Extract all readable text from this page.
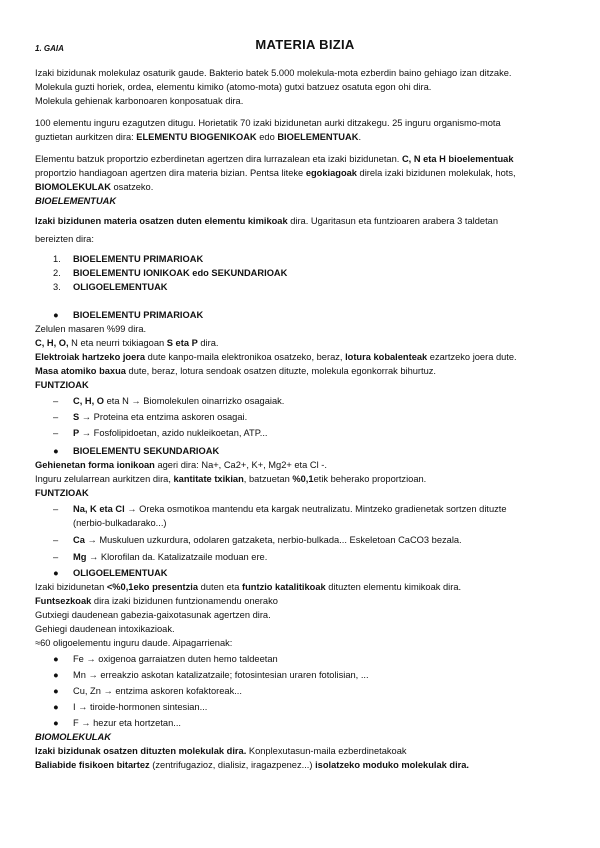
1. GAIA	MATERIA BIZIA

Izaki bizidunak molekulaz osaturik gaude. Bakterio batek 5.000 molekula-mota ezberdin baino gehiago izan ditzake.

Molekula guzti horiek, ordea, elementu kimiko (atomo-mota) gutxi batzuez osatuta egon ohi dira.

Molekula gehienak karbonoaren konposatuak dira.

100 elementu inguru ezagutzen ditugu. Horietatik 70 izaki bizidunetan aurki ditzakegu. 25 inguru organismo-mota

guztietan aurkitzen dira: ELEMENTU BIOGENIKOAK edo BIOELEMENTUAK.

Elementu batzuk proportzio ezberdinetan agertzen dira lurrazalean eta izaki bizidunetan. C, N eta H bioelementuak

proportzio handiagoan agertzen dira materia bizian. Pentsa liteke egokiagoak direla izaki bizidunen molekulak, hots,

BIOMOLEKULAK osatzeko.

BIOELEMENTUAK

Izaki bizidunen materia osatzen duten elementu kimikoak dira. Ugaritasun eta funtzioaren arabera 3 taldetan

bereizten dira:

1. BIOELEMENTU PRIMARIOAK

2. BIOELEMENTU IONIKOAK edo SEKUNDARIOAK

3. OLIGOELEMENTUAK

● BIOELEMENTU PRIMARIOAK

Zelulen masaren %99 dira.

C, H, O, N eta neurri txikiagoan S eta P dira.

Elektroiak hartzeko joera dute kanpo-maila elektronikoa osatzeko, beraz, lotura kobalenteak ezartzeko joera dute.

Masa atomiko baxua dute, beraz, lotura sendoak osatzen dituzte, molekula egonkorrak bihurtuz.

FUNTZIOAK

– C, H, O eta N → Biomolekulen oinarrizko osagaiak.

– S → Proteina eta entzima askoren osagai.

– P → Fosfolipidoetan, azido nukleikoetan, ATP...

● BIOELEMENTU SEKUNDARIOAK

Gehienetan forma ionikoan ageri dira: Na+, Ca2+, K+, Mg2+ eta Cl -.

Inguru zelularrean aurkitzen dira, kantitate txikian, batzuetan %0,1etik beherako proportzioan.

FUNTZIOAK

– Na, K eta Cl → Oreka osmotikoa mantendu eta kargak neutralizatu. Mintzeko gradienetak sortzen dituzte

(nerbio-bulkadarako...)

– Ca → Muskuluen uzkurdura, odolaren gatzaketa, nerbio-bulkada... Eskeletoan CaCO3 bezala.

– Mg → Klorofilan da. Katalizatzaile moduan ere.

● OLIGOELEMENTUAK

Izaki bizidunetan <%0,1eko presentzia duten eta funtzio katalitikoak dituzten elementu kimikoak dira.

Funtsezkoak dira izaki bizidunen funtzionamendu onerako

Gutxiegi daudenean gabezia-gaixotasunak agertzen dira.

Gehiegi daudenean intoxikazioak.

≈60 oligoelementu inguru daude. Aipagarrienak:

● Fe → oxigenoa garraiatzen duten hemo taldeetan

● Mn → erreakzio askotan katalizatzaile; fotosintesian uraren fotolisian, ...

● Cu, Zn → entzima askoren kofaktoreak...

● I → tiroide-hormonen sintesian...

● F → hezur eta hortzetan...

BIOMOLEKULAK

Izaki bizidunak osatzen dituzten molekulak dira. Konplexutasun-maila ezberdinetakoak

Baliabide fisikoen bitartez (zentrifugazioz, dialisiz, iragazpenez...) isolatzeko moduko molekulak dira.
